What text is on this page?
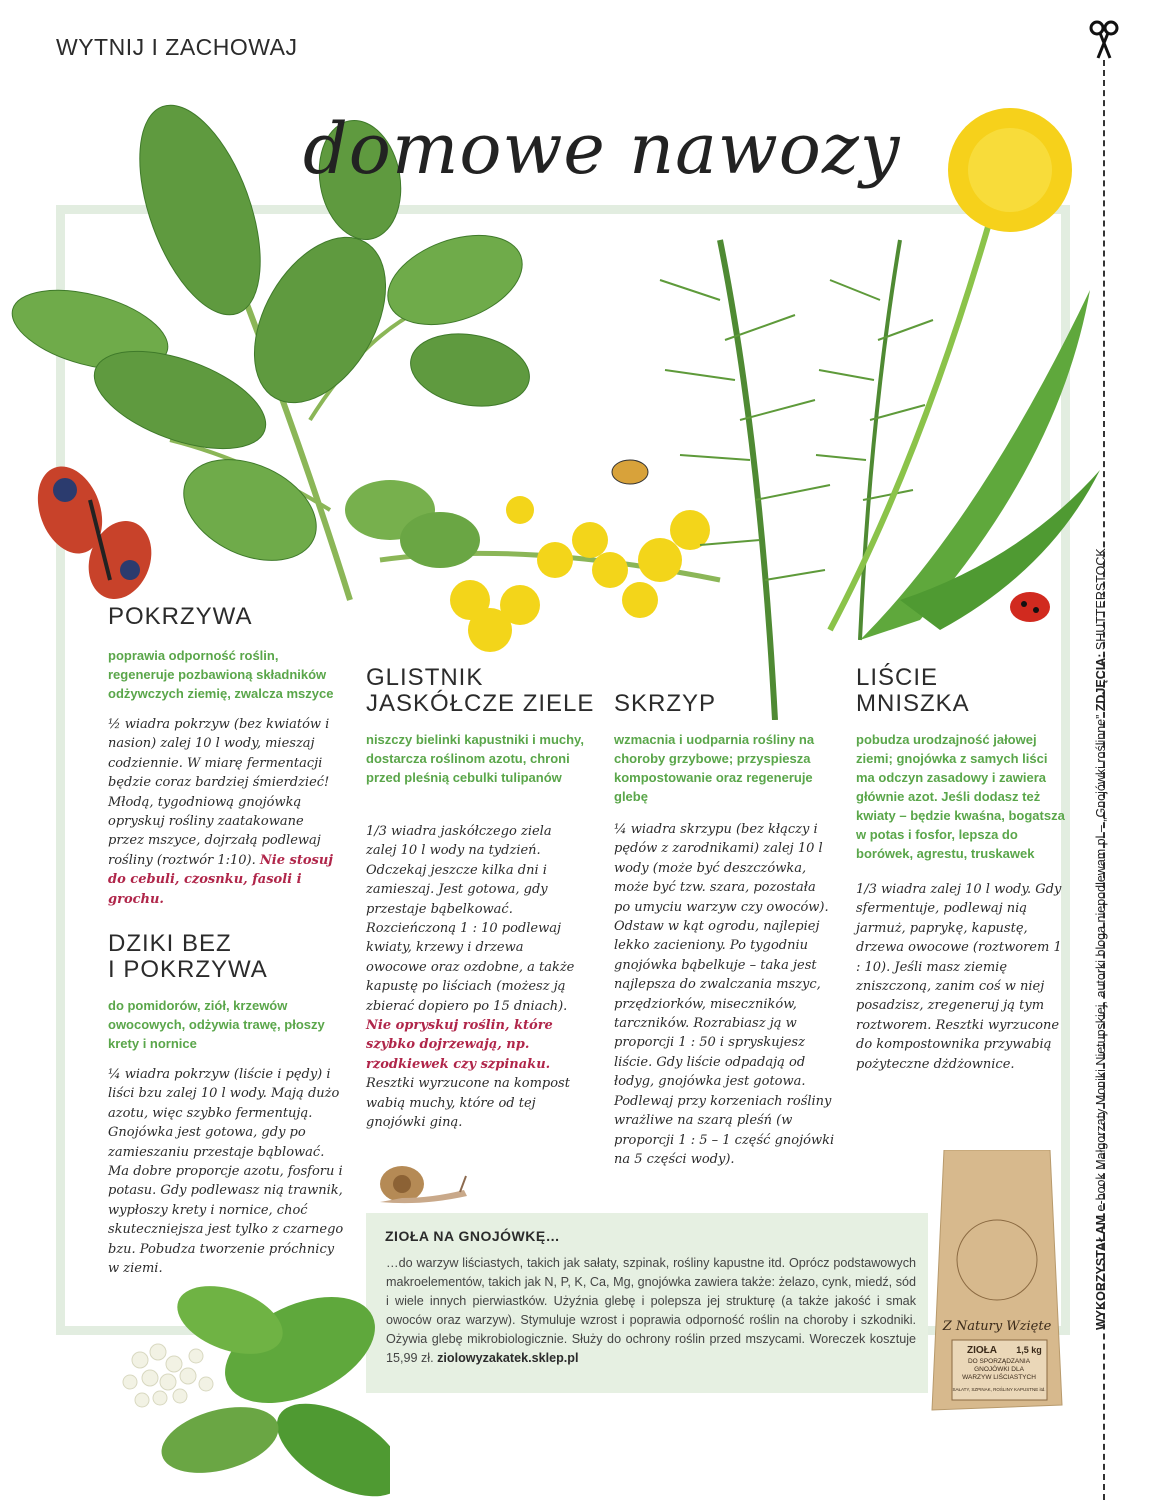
WYTNIJ I ZACHOWAJ
domowe nawozy
WYKORZYSTAŁAM e-book Małgorzaty Moniki Nietupskiej, autorki bloga niepodlewam.pl – „Gnojówki roślinne” ZDJĘCIA: SHUTTERSTOCK
POKRZYWA
poprawia odporność roślin, regeneruje pozbawioną składników odżywczych ziemię, zwalcza mszyce
½ wiadra pokrzyw (bez kwiatów i nasion) zalej 10 l wody, mieszaj codziennie. W miarę fermentacji będzie coraz bardziej śmierdzieć! Młodą, tygodniową gnojówką opryskuj rośliny zaatakowane przez mszyce, dojrzałą podlewaj rośliny (roztwór 1:10). Nie stosuj do cebuli, czosnku, fasoli i grochu.
DZIKI BEZ
I POKRZYWA
do pomidorów, ziół, krzewów owocowych, odżywia trawę, płoszy krety i nornice
¼ wiadra pokrzyw (liście i pędy) i liści bzu zalej 10 l wody. Mają dużo azotu, więc szybko fermentują. Gnojówka jest gotowa, gdy po zamieszaniu przestaje bąblować. Ma dobre proporcje azotu, fosforu i potasu. Gdy podlewasz nią trawnik, wypłoszy krety i nornice, choć skuteczniejsza jest tylko z czarnego bzu. Pobudza tworzenie próchnicy w ziemi.
GLISTNIK
JASKÓŁCZE ZIELE
niszczy bielinki kapustniki i muchy, dostarcza roślinom azotu, chroni przed pleśnią cebulki tulipanów
1/3 wiadra jaskółczego ziela zalej 10 l wody na tydzień. Odczekaj jeszcze kilka dni i zamieszaj. Jest gotowa, gdy przestaje bąbelkować. Rozcieńczoną 1 : 10 podlewaj kwiaty, krzewy i drzewa owocowe oraz ozdobne, a także kapustę po liściach (możesz ją zbierać dopiero po 15 dniach). Nie opryskuj roślin, które szybko dojrzewają, np. rzodkiewek czy szpinaku. Resztki wyrzucone na kompost wabią muchy, które od tej gnojówki giną.
SKRZYP
wzmacnia i uodparnia rośliny na choroby grzybowe; przyspiesza kompostowanie oraz regeneruje glebę
¼ wiadra skrzypu (bez kłączy i pędów z zarodnikami) zalej 10 l wody (może być deszczówka, może być tzw. szara, pozostała po umyciu warzyw czy owoców). Odstaw w kąt ogrodu, najlepiej lekko zacieniony. Po tygodniu gnojówka bąbelkuje – taka jest najlepsza do zwalczania mszyc, przędziorków, miseczników, tarczników. Rozrabiasz ją w proporcji 1 : 50 i spryskujesz liście. Gdy liście odpadają od łodyg, gnojówka jest gotowa. Podlewaj przy korzeniach rośliny wrażliwe na szarą pleśń (w proporcji 1 : 5 – 1 część gnojówki na 5 części wody).
LIŚCIE
MNISZKA
pobudza urodzajność jałowej ziemi; gnojówka z samych liści ma odczyn zasadowy i zawiera głównie azot. Jeśli dodasz też kwiaty – będzie kwaśna, bogatsza w potas i fosfor, lepsza do borówek, agrestu, truskawek
1/3 wiadra zalej 10 l wody. Gdy sfermentuje, podlewaj nią jarmuż, paprykę, kapustę, drzewa owocowe (roztworem 1 : 10). Jeśli masz ziemię zniszczoną, zanim coś w niej posadzisz, zregeneruj ją tym roztworem. Resztki wyrzucone do kompostownika przywabią pożyteczne dżdżownice.
ZIOŁA NA GNOJÓWKĘ…
…do warzyw liściastych, takich jak sałaty, szpinak, rośliny kapustne itd. Oprócz podstawowych makroelementów, takich jak N, P, K, Ca, Mg, gnojówka zawiera także: żelazo, cynk, miedź, sód i wiele innych pierwiastków. Użyźnia glebę i polepsza jej strukturę (a także jakość i smak owoców oraz warzyw). Stymuluje wzrost i poprawia odporność roślin na choroby i szkodniki. Ożywia glebę mikrobiologicznie. Służy do ochrony roślin przed mszycami. Woreczek kosztuje 15,99 zł. ziolowyzakatek.sklep.pl
Z Natury Wzięte
ZIOŁA 1,5 kg
DO SPORZĄDZANIA
GNOJÓWKI DLA
WARZYW LIŚCIASTYCH
SAŁATY, SZPINAK, ROŚLINY KAPUSTNE itd.
